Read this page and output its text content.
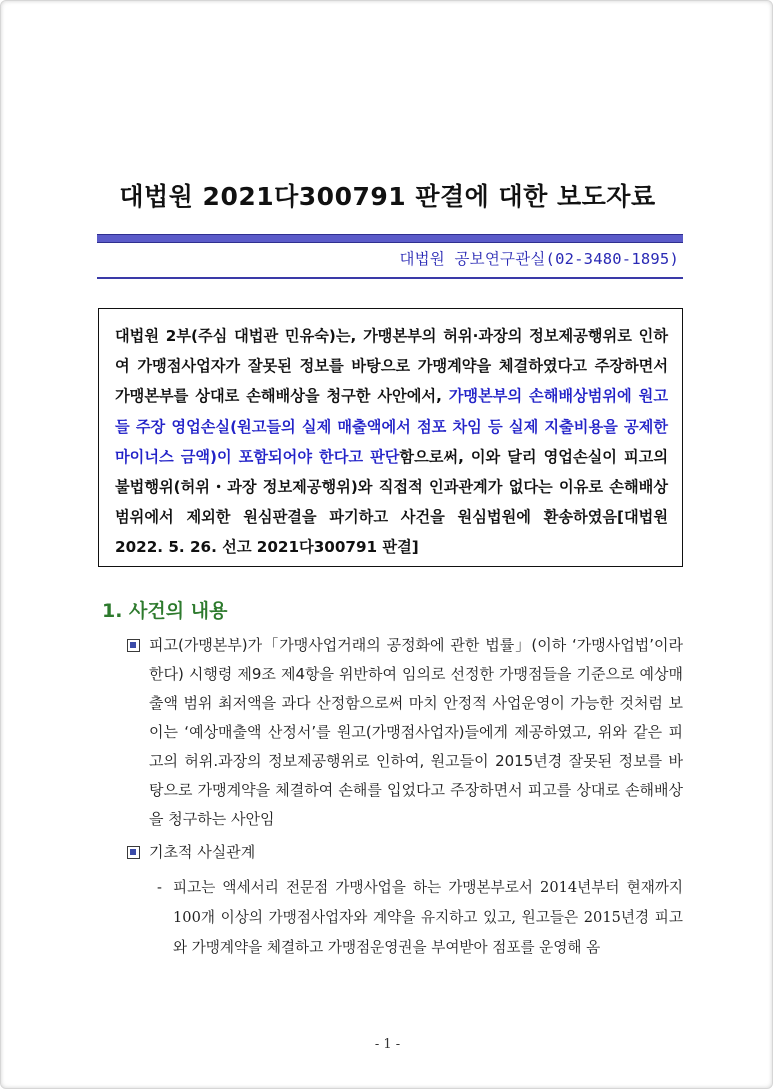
대법원 2021다300791 판결에 대한 보도자료
대법원 공보연구관실(02-3480-1895)
대법원 2부(주심 대법관 민유숙)는, 가맹본부의 허위·과장의 정보제공행위로 인하여 가맹점사업자가 잘못된 정보를 바탕으로 가맹계약을 체결하였다고 주장하면서 가맹본부를 상대로 손해배상을 청구한 사안에서, 가맹본부의 손해배상범위에 원고들 주장 영업손실(원고들의 실제 매출액에서 점포 차임 등 실제 지출비용을 공제한 마이너스 금액)이 포함되어야 한다고 판단함으로써, 이와 달리 영업손실이 피고의 불법행위(허위・과장 정보제공행위)와 직접적 인과관계가 없다는 이유로 손해배상범위에서 제외한 원심판결을 파기하고 사건을 원심법원에 환송하였음[대법원 2022. 5. 26. 선고 2021다300791 판결]
1. 사건의 내용
피고(가맹본부)가「가맹사업거래의 공정화에 관한 법률」(이하 ‘가맹사업법’이라 한다) 시행령 제9조 제4항을 위반하여 임의로 선정한 가맹점들을 기준으로 예상매출액 범위 최저액을 과다 산정함으로써 마치 안정적 사업운영이 가능한 것처럼 보이는 ‘예상매출액 산정서’를 원고(가맹점사업자)들에게 제공하였고, 위와 같은 피고의 허위.과장의 정보제공행위로 인하여, 원고들이 2015년경 잘못된 정보를 바탕으로 가맹계약을 체결하여 손해를 입었다고 주장하면서 피고를 상대로 손해배상을 청구하는 사안임
기초적 사실관계
- 피고는 액세서리 전문점 가맹사업을 하는 가맹본부로서 2014년부터 현재까지 100개 이상의 가맹점사업자와 계약을 유지하고 있고, 원고들은 2015년경 피고와 가맹계약을 체결하고 가맹점운영권을 부여받아 점포를 운영해 옴
- 1 -
